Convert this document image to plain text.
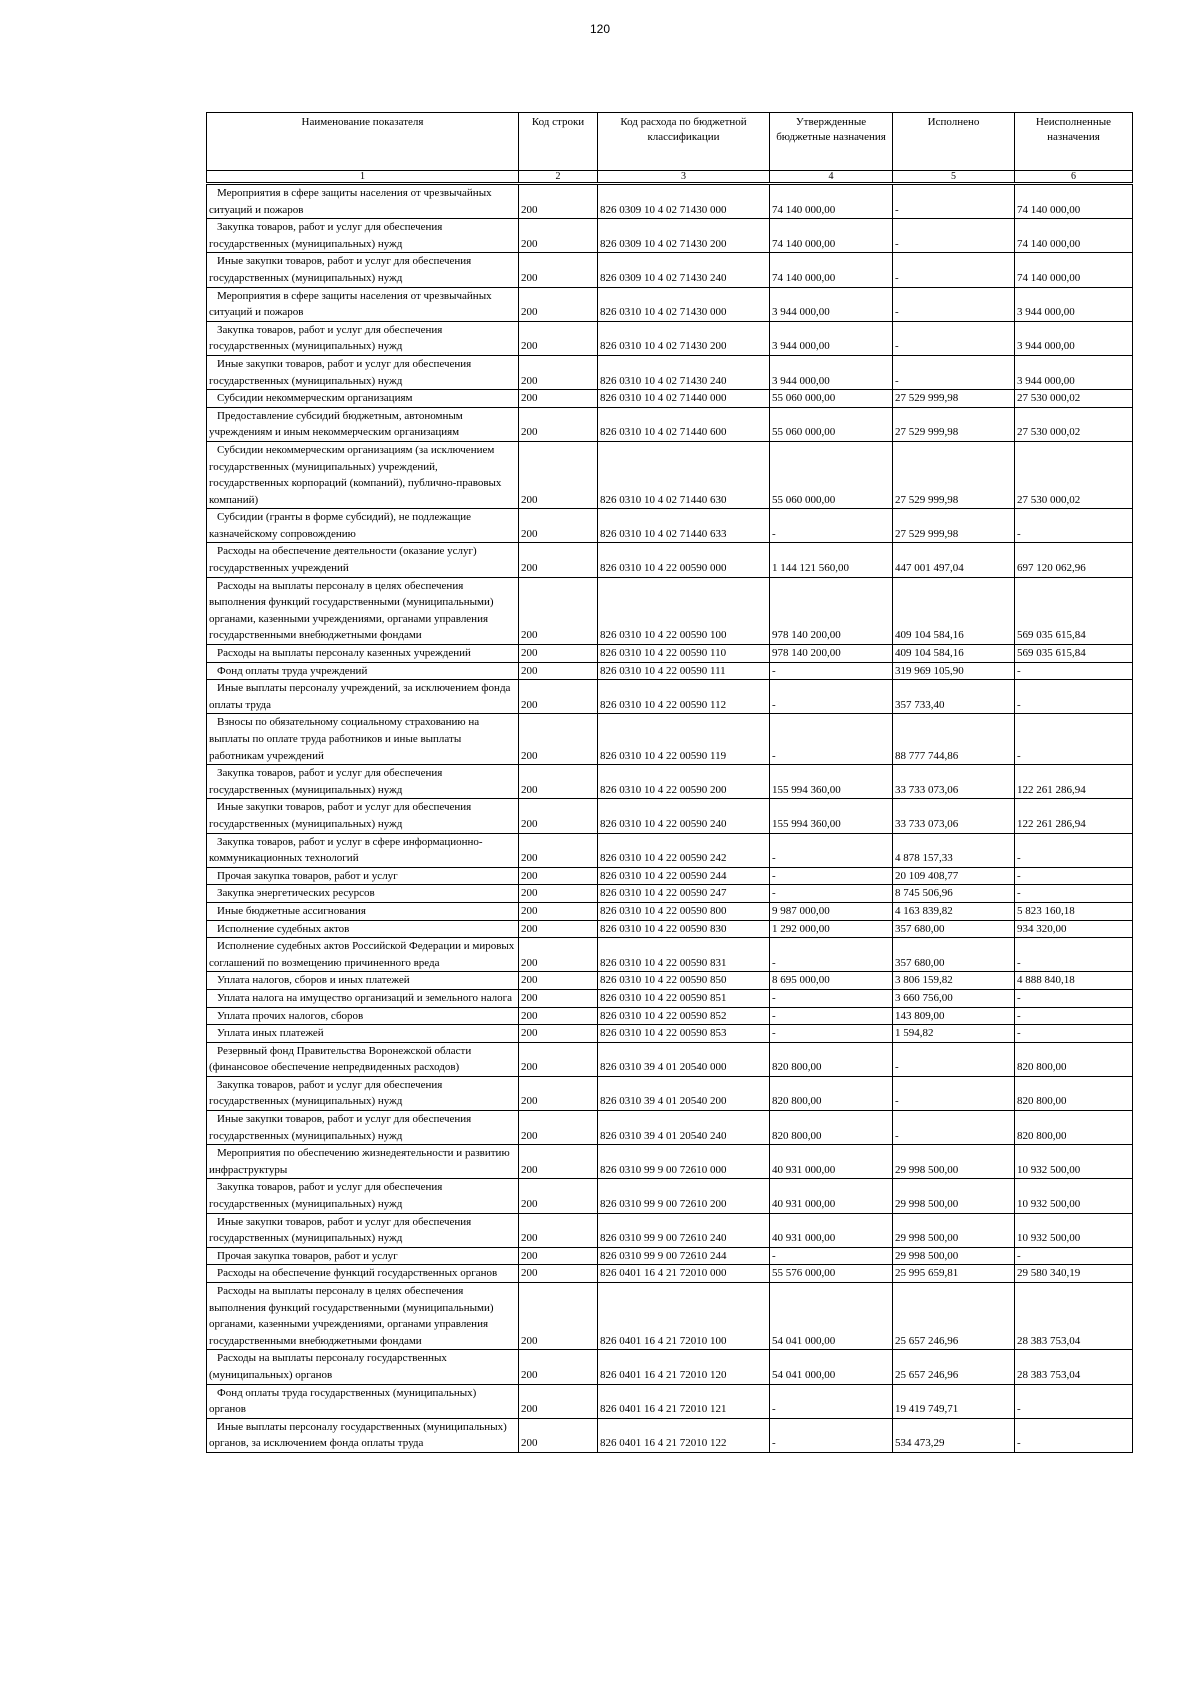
120
Наименование показателя	Код строки	Код расхода по бюджетной классификации	Утвержденные бюджетные назначения	Исполнено	Неисполненные назначения
1	2	3	4	5	6
Мероприятия в сфере защиты населения от чрезвычайных ситуаций и пожаров	200	826 0309 10 4 02 71430 000	74 140 000,00	-	74 140 000,00
Закупка товаров, работ и услуг для обеспечения государственных (муниципальных) нужд	200	826 0309 10 4 02 71430 200	74 140 000,00	-	74 140 000,00
Иные закупки товаров, работ и услуг для обеспечения государственных (муниципальных) нужд	200	826 0309 10 4 02 71430 240	74 140 000,00	-	74 140 000,00
Мероприятия в сфере защиты населения от чрезвычайных ситуаций и пожаров	200	826 0310 10 4 02 71430 000	3 944 000,00	-	3 944 000,00
Закупка товаров, работ и услуг для обеспечения государственных (муниципальных) нужд	200	826 0310 10 4 02 71430 200	3 944 000,00	-	3 944 000,00
Иные закупки товаров, работ и услуг для обеспечения государственных (муниципальных) нужд	200	826 0310 10 4 02 71430 240	3 944 000,00	-	3 944 000,00
Субсидии некоммерческим организациям	200	826 0310 10 4 02 71440 000	55 060 000,00	27 529 999,98	27 530 000,02
Предоставление субсидий бюджетным, автономным учреждениям и иным некоммерческим организациям	200	826 0310 10 4 02 71440 600	55 060 000,00	27 529 999,98	27 530 000,02
Субсидии некоммерческим организациям (за исключением государственных (муниципальных) учреждений, государственных корпораций (компаний), публично-правовых компаний)	200	826 0310 10 4 02 71440 630	55 060 000,00	27 529 999,98	27 530 000,02
Субсидии (гранты в форме субсидий), не подлежащие казначейскому сопровождению	200	826 0310 10 4 02 71440 633	-	27 529 999,98	-
Расходы на обеспечение деятельности (оказание услуг) государственных учреждений	200	826 0310 10 4 22 00590 000	1 144 121 560,00	447 001 497,04	697 120 062,96
Расходы на выплаты персоналу в целях обеспечения выполнения функций государственными (муниципальными) органами, казенными учреждениями, органами управления государственными внебюджетными фондами	200	826 0310 10 4 22 00590 100	978 140 200,00	409 104 584,16	569 035 615,84
Расходы на выплаты персоналу казенных учреждений	200	826 0310 10 4 22 00590 110	978 140 200,00	409 104 584,16	569 035 615,84
Фонд оплаты труда учреждений	200	826 0310 10 4 22 00590 111	-	319 969 105,90	-
Иные выплаты персоналу учреждений, за исключением фонда оплаты труда	200	826 0310 10 4 22 00590 112	-	357 733,40	-
Взносы по обязательному социальному страхованию на выплаты по оплате труда работников и иные выплаты работникам учреждений	200	826 0310 10 4 22 00590 119	-	88 777 744,86	-
Закупка товаров, работ и услуг для обеспечения государственных (муниципальных) нужд	200	826 0310 10 4 22 00590 200	155 994 360,00	33 733 073,06	122 261 286,94
Иные закупки товаров, работ и услуг для обеспечения государственных (муниципальных) нужд	200	826 0310 10 4 22 00590 240	155 994 360,00	33 733 073,06	122 261 286,94
Закупка товаров, работ и услуг в сфере информационно-коммуникационных технологий	200	826 0310 10 4 22 00590 242	-	4 878 157,33	-
Прочая закупка товаров, работ и услуг	200	826 0310 10 4 22 00590 244	-	20 109 408,77	-
Закупка энергетических ресурсов	200	826 0310 10 4 22 00590 247	-	8 745 506,96	-
Иные бюджетные ассигнования	200	826 0310 10 4 22 00590 800	9 987 000,00	4 163 839,82	5 823 160,18
Исполнение судебных актов	200	826 0310 10 4 22 00590 830	1 292 000,00	357 680,00	934 320,00
Исполнение судебных актов Российской Федерации и мировых соглашений по возмещению причиненного вреда	200	826 0310 10 4 22 00590 831	-	357 680,00	-
Уплата налогов, сборов и иных платежей	200	826 0310 10 4 22 00590 850	8 695 000,00	3 806 159,82	4 888 840,18
Уплата налога на имущество организаций и земельного налога	200	826 0310 10 4 22 00590 851	-	3 660 756,00	-
Уплата прочих налогов, сборов	200	826 0310 10 4 22 00590 852	-	143 809,00	-
Уплата иных платежей	200	826 0310 10 4 22 00590 853	-	1 594,82	-
Резервный фонд Правительства Воронежской области (финансовое обеспечение непредвиденных расходов)	200	826 0310 39 4 01 20540 000	820 800,00	-	820 800,00
Закупка товаров, работ и услуг для обеспечения государственных (муниципальных) нужд	200	826 0310 39 4 01 20540 200	820 800,00	-	820 800,00
Иные закупки товаров, работ и услуг для обеспечения государственных (муниципальных) нужд	200	826 0310 39 4 01 20540 240	820 800,00	-	820 800,00
Мероприятия по обеспечению жизнедеятельности и развитию инфраструктуры	200	826 0310 99 9 00 72610 000	40 931 000,00	29 998 500,00	10 932 500,00
Закупка товаров, работ и услуг для обеспечения государственных (муниципальных) нужд	200	826 0310 99 9 00 72610 200	40 931 000,00	29 998 500,00	10 932 500,00
Иные закупки товаров, работ и услуг для обеспечения государственных (муниципальных) нужд	200	826 0310 99 9 00 72610 240	40 931 000,00	29 998 500,00	10 932 500,00
Прочая закупка товаров, работ и услуг	200	826 0310 99 9 00 72610 244	-	29 998 500,00	-
Расходы на обеспечение функций государственных органов	200	826 0401 16 4 21 72010 000	55 576 000,00	25 995 659,81	29 580 340,19
Расходы на выплаты персоналу в целях обеспечения выполнения функций государственными (муниципальными) органами, казенными учреждениями, органами управления государственными внебюджетными фондами	200	826 0401 16 4 21 72010 100	54 041 000,00	25 657 246,96	28 383 753,04
Расходы на выплаты персоналу государственных (муниципальных) органов	200	826 0401 16 4 21 72010 120	54 041 000,00	25 657 246,96	28 383 753,04
Фонд оплаты труда государственных (муниципальных) органов	200	826 0401 16 4 21 72010 121	-	19 419 749,71	-
Иные выплаты персоналу государственных (муниципальных) органов, за исключением фонда оплаты труда	200	826 0401 16 4 21 72010 122	-	534 473,29	-
